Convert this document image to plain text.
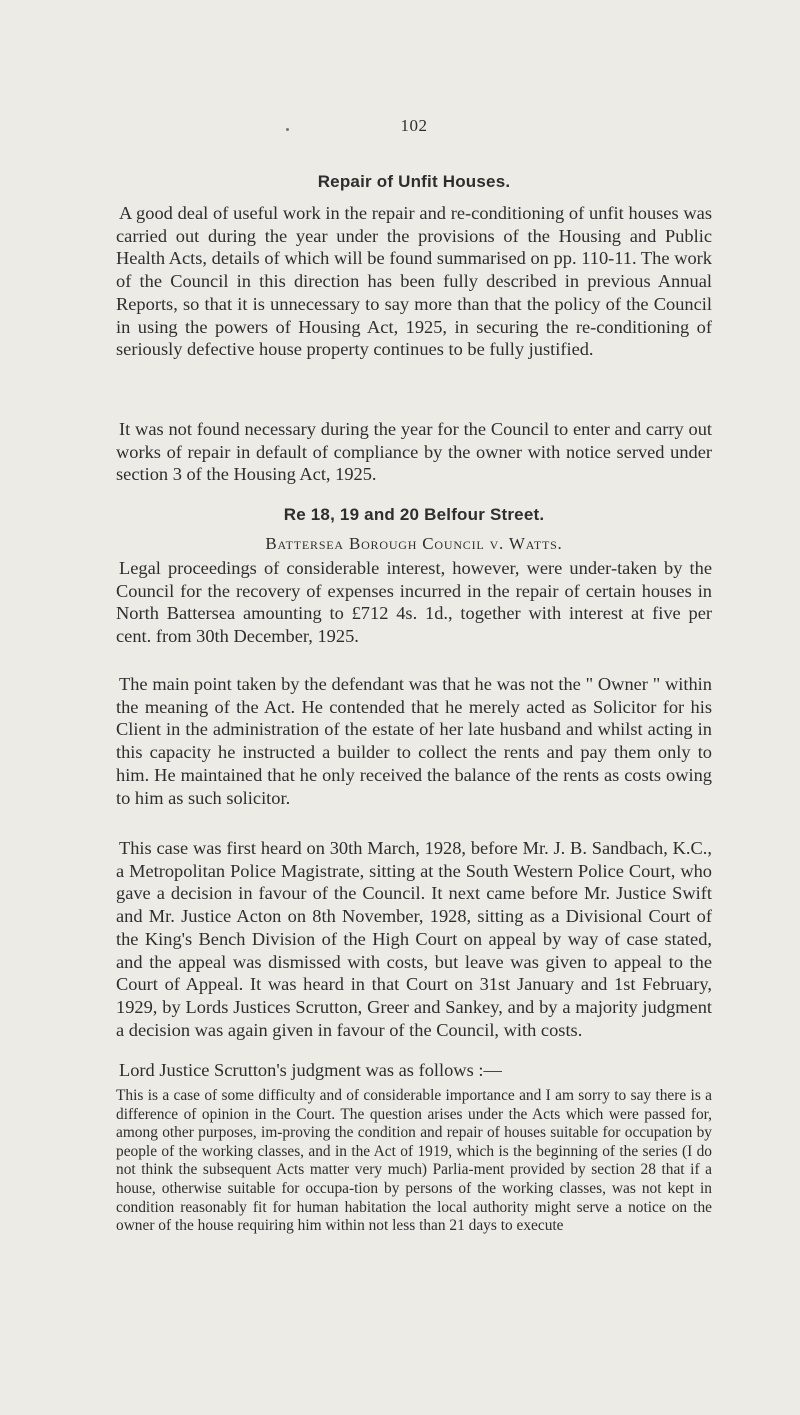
102
Repair of Unfit Houses.

A good deal of useful work in the repair and re-conditioning of unfit houses was carried out during the year under the provisions of the Housing and Public Health Acts, details of which will be found summarised on pp. 110-11. The work of the Council in this direction has been fully described in previous Annual Reports, so that it is unnecessary to say more than that the policy of the Council in using the powers of Housing Act, 1925, in securing the re-conditioning of seriously defective house property continues to be fully justified.

It was not found necessary during the year for the Council to enter and carry out works of repair in default of compliance by the owner with notice served under section 3 of the Housing Act, 1925.

Re 18, 19 and 20 Belfour Street.
Battersea Borough Council v. Watts.

Legal proceedings of considerable interest, however, were under-taken by the Council for the recovery of expenses incurred in the repair of certain houses in North Battersea amounting to £712 4s. 1d., together with interest at five per cent. from 30th December, 1925.

The main point taken by the defendant was that he was not the " Owner " within the meaning of the Act. He contended that he merely acted as Solicitor for his Client in the administration of the estate of her late husband and whilst acting in this capacity he instructed a builder to collect the rents and pay them only to him. He maintained that he only received the balance of the rents as costs owing to him as such solicitor.

This case was first heard on 30th March, 1928, before Mr. J. B. Sandbach, K.C., a Metropolitan Police Magistrate, sitting at the South Western Police Court, who gave a decision in favour of the Council. It next came before Mr. Justice Swift and Mr. Justice Acton on 8th November, 1928, sitting as a Divisional Court of the King's Bench Division of the High Court on appeal by way of case stated, and the appeal was dismissed with costs, but leave was given to appeal to the Court of Appeal. It was heard in that Court on 31st January and 1st February, 1929, by Lords Justices Scrutton, Greer and Sankey, and by a majority judgment a decision was again given in favour of the Council, with costs.

Lord Justice Scrutton's judgment was as follows :—

This is a case of some difficulty and of considerable importance and I am sorry to say there is a difference of opinion in the Court. The question arises under the Acts which were passed for, among other purposes, im-proving the condition and repair of houses suitable for occupation by people of the working classes, and in the Act of 1919, which is the beginning of the series (I do not think the subsequent Acts matter very much) Parlia-ment provided by section 28 that if a house, otherwise suitable for occupa-tion by persons of the working classes, was not kept in condition reasonably fit for human habitation the local authority might serve a notice on the owner of the house requiring him within not less than 21 days to execute
